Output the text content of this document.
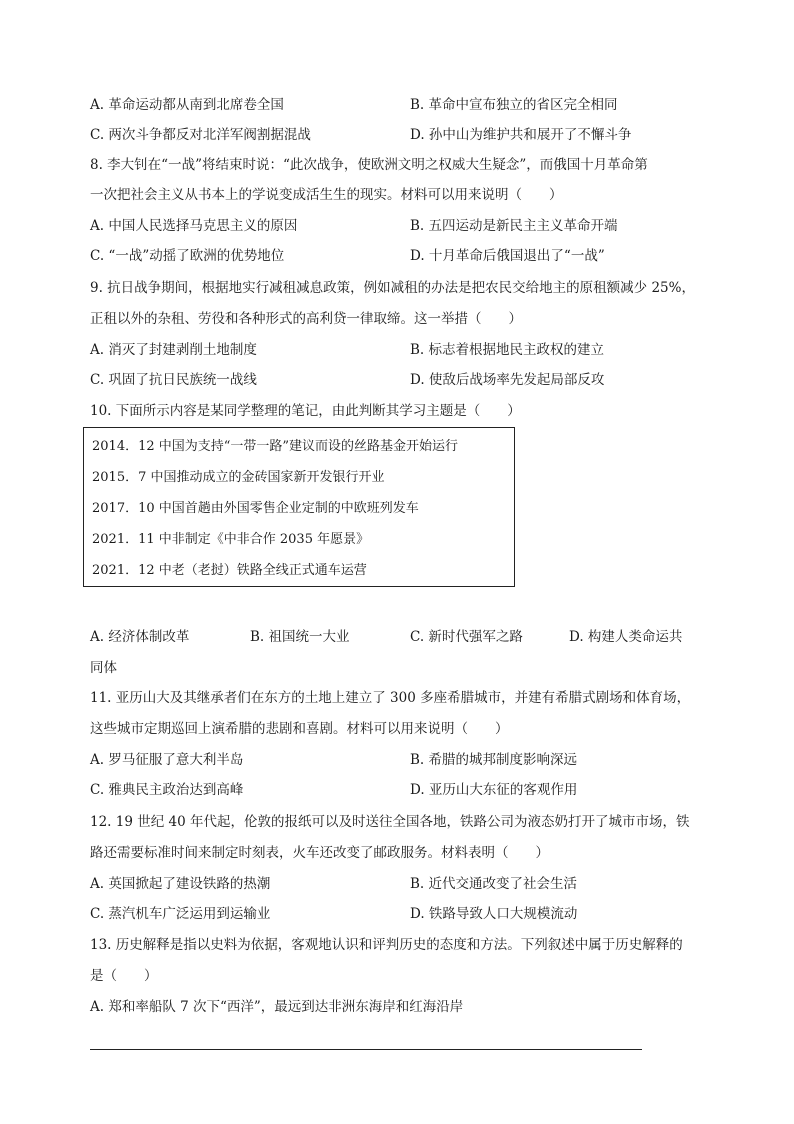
A. 革命运动都从南到北席卷全国	B. 革命中宣布独立的省区完全相同
C. 两次斗争都反对北洋军阀割据混战	D. 孙中山为维护共和展开了不懈斗争
8. 李大钊在“一战”将结束时说：“此次战争，使欧洲文明之权威大生疑念”，而俄国十月革命第
一次把社会主义从书本上的学说变成活生生的现实。材料可以用来说明（　　）
A. 中国人民选择马克思主义的原因	B. 五四运动是新民主主义革命开端
C. “一战”动摇了欧洲的优势地位	D. 十月革命后俄国退出了“一战”
9. 抗日战争期间，根据地实行减租减息政策，例如减租的办法是把农民交给地主的原租额减少 25%，
正租以外的杂租、劳役和各种形式的高利贷一律取缔。这一举措（　　）
A. 消灭了封建剥削土地制度	B. 标志着根据地民主政权的建立
C. 巩固了抗日民族统一战线	D. 使敌后战场率先发起局部反攻
10. 下面所示内容是某同学整理的笔记，由此判断其学习主题是（　　）
2014．12 中国为支持“一带一路”建议而设的丝路基金开始运行
2015．7 中国推动成立的金砖国家新开发银行开业
2017．10 中国首趟由外国零售企业定制的中欧班列发车
2021．11 中非制定《中非合作 2035 年愿景》
2021．12 中老（老挝）铁路全线正式通车运营
A. 经济体制改革	B. 祖国统一大业	C. 新时代强军之路	D. 构建人类命运共
同体
11. 亚历山大及其继承者们在东方的土地上建立了 300 多座希腊城市，并建有希腊式剧场和体育场，
这些城市定期巡回上演希腊的悲剧和喜剧。材料可以用来说明（　　）
A. 罗马征服了意大利半岛	B. 希腊的城邦制度影响深远
C. 雅典民主政治达到高峰	D. 亚历山大东征的客观作用
12. 19 世纪 40 年代起，伦敦的报纸可以及时送往全国各地，铁路公司为液态奶打开了城市市场，铁
路还需要标准时间来制定时刻表，火车还改变了邮政服务。材料表明（　　）
A. 英国掀起了建设铁路的热潮	B. 近代交通改变了社会生活
C. 蒸汽机车广泛运用到运输业	D. 铁路导致人口大规模流动
13. 历史解释是指以史料为依据，客观地认识和评判历史的态度和方法。下列叙述中属于历史解释的
是（　　）
A. 郑和率船队 7 次下“西洋”，最远到达非洲东海岸和红海沿岸
